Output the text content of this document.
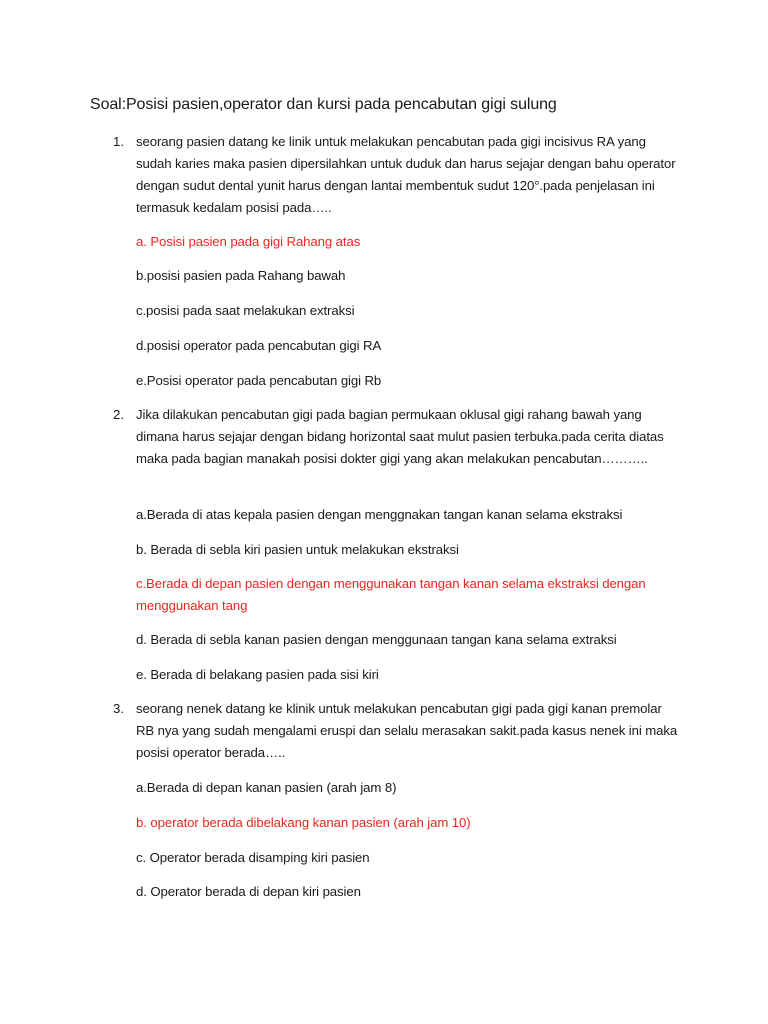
Soal:Posisi pasien,operator dan kursi pada pencabutan gigi sulung
1. seorang pasien datang ke linik untuk melakukan pencabutan pada gigi incisivus RA yang sudah karies maka pasien dipersilahkan untuk duduk dan harus sejajar dengan bahu operator dengan sudut dental yunit harus dengan lantai membentuk sudut 120°.pada penjelasan ini termasuk kedalam posisi pada…..
a. Posisi pasien pada gigi Rahang atas
b.posisi pasien pada Rahang bawah
c.posisi pada saat melakukan extraksi
d.posisi operator pada pencabutan gigi RA
e.Posisi operator pada pencabutan gigi Rb
2. Jika dilakukan pencabutan gigi pada bagian permukaan oklusal gigi rahang bawah yang dimana harus sejajar dengan bidang horizontal saat mulut pasien terbuka.pada cerita diatas maka pada bagian manakah posisi dokter gigi yang akan melakukan pencabutan………..
a.Berada di atas kepala pasien dengan menggnakan tangan kanan selama ekstraksi
b. Berada di sebla kiri pasien untuk melakukan ekstraksi
c.Berada di depan pasien dengan menggunakan tangan kanan selama ekstraksi dengan menggunakan tang
d. Berada di sebla kanan pasien dengan menggunaan tangan kana selama extraksi
e. Berada di belakang pasien pada sisi kiri
3. seorang nenek datang ke klinik untuk melakukan pencabutan gigi pada gigi kanan premolar RB nya yang sudah mengalami eruspi dan selalu merasakan sakit.pada kasus nenek ini maka posisi operator berada…..
a.Berada di depan kanan pasien (arah jam 8)
b. operator berada dibelakang kanan pasien (arah jam 10)
c. Operator berada disamping kiri pasien
d. Operator berada di depan kiri pasien
